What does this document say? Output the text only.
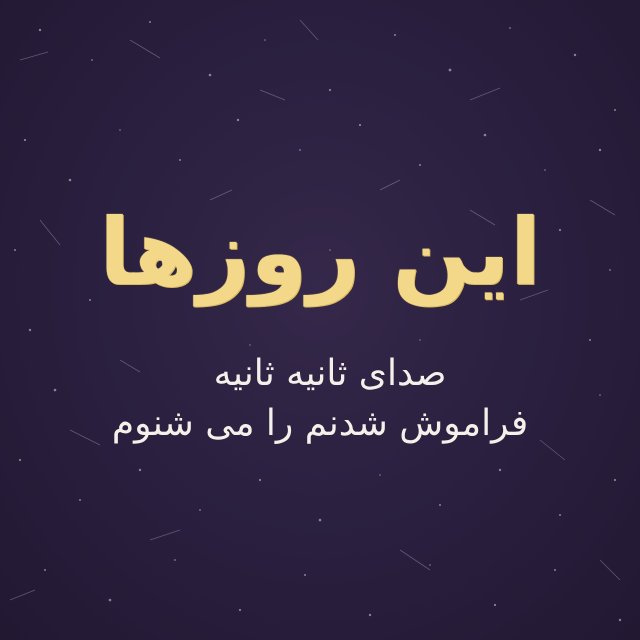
این روزها
صدای ثانیه ثانیه
فراموش شدنم را می شنوم
